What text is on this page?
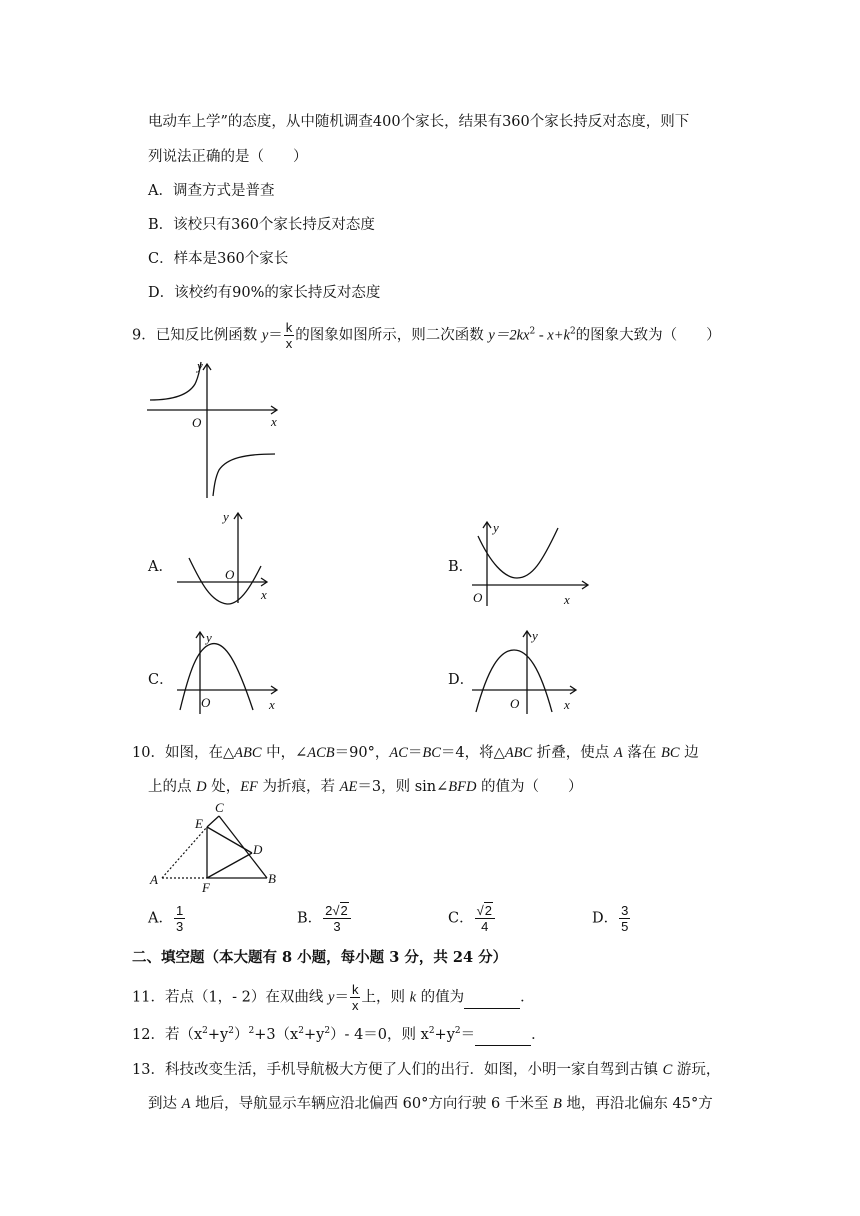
电动车上学”的态度，从中随机调查400个家长，结果有360个家长持反对态度，则下
列说法正确的是（　　）
A．调查方式是普查
B．该校只有360个家长持反对态度
C．样本是360个家长
D．该校约有90%的家长持反对态度
9．已知反比例函数 $y= \frac{k}{x}$ 的图象如图所示，则二次函数 $y=2kx^2 - x+k^2$的图象大致为（　　）
y
O	x
A．
y
O
x
B．
y
O	x
C．
y
O	x
D．
y
O	x
10．如图，在△ABC 中，∠ACB＝90°，AC＝BC＝4，将△ABC 折叠，使点 A 落在 BC 边
上的点 D 处，EF 为折痕，若 AE＝3，则 sin∠BFD 的值为（　　）
C
E
D
A
F
B
A． $\frac{1}{3}$	B． $\frac{2√2}{3}$	C． $\frac{√2}{4}$	D． $\frac{3}{5}$
二、填空题（本大题有 8 小题，每小题 3 分，共 24 分）
11．若点（1，- 2）在双曲线 $y= \frac{k}{x}$ 上，则 k 的值为	．
12．若$(x^2+y^2)^2+3(x^2+y^2)-$ 4＝0，则 $x^2+y^2=$	．
13．科技改变生活，手机导航极大方便了人们的出行．如图，小明一家自驾到古镇 C 游玩，
到达 A 地后，导航显示车辆应沿北偏西 60°方向行驶 6 千米至 B 地，再沿北偏东 45°方
